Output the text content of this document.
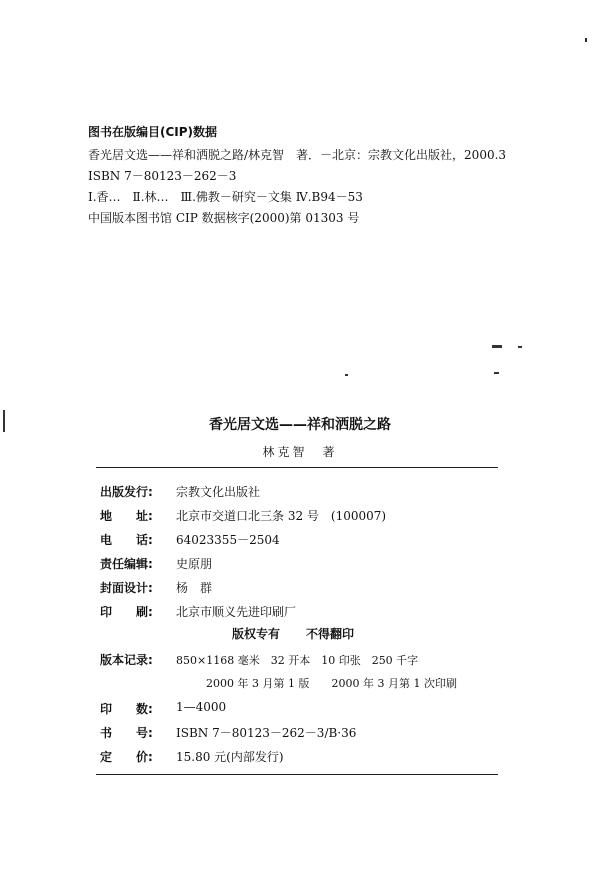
图书在版编目(CIP)数据
香光居文选——祥和洒脱之路/林克智　著．－北京：宗教文化出版社，2000.3
ISBN 7－80123－262－3
Ⅰ.香…　Ⅱ.林…　Ⅲ.佛教－研究－文集 Ⅳ.B94－53
中国版本图书馆 CIP 数据核字(2000)第 01303 号
香光居文选——祥和洒脱之路
林克智　著
出版发行: 宗教文化出版社
地　　址: 北京市交道口北三条 32 号　(100007)
电　　话: 64023355－2504
责任编辑: 史原朋
封面设计: 杨　群
印　　刷: 北京市顺义先进印刷厂
版权专有 不得翻印
版本记录: 850×1168 毫米　32 开本　10 印张　250 千字
2000 年 3 月第 1 版　　2000 年 3 月第 1 次印刷
印　　数: 1—4000
书　　号: ISBN 7－80123－262－3/B·36
定　　价: 15.80 元(内部发行)
